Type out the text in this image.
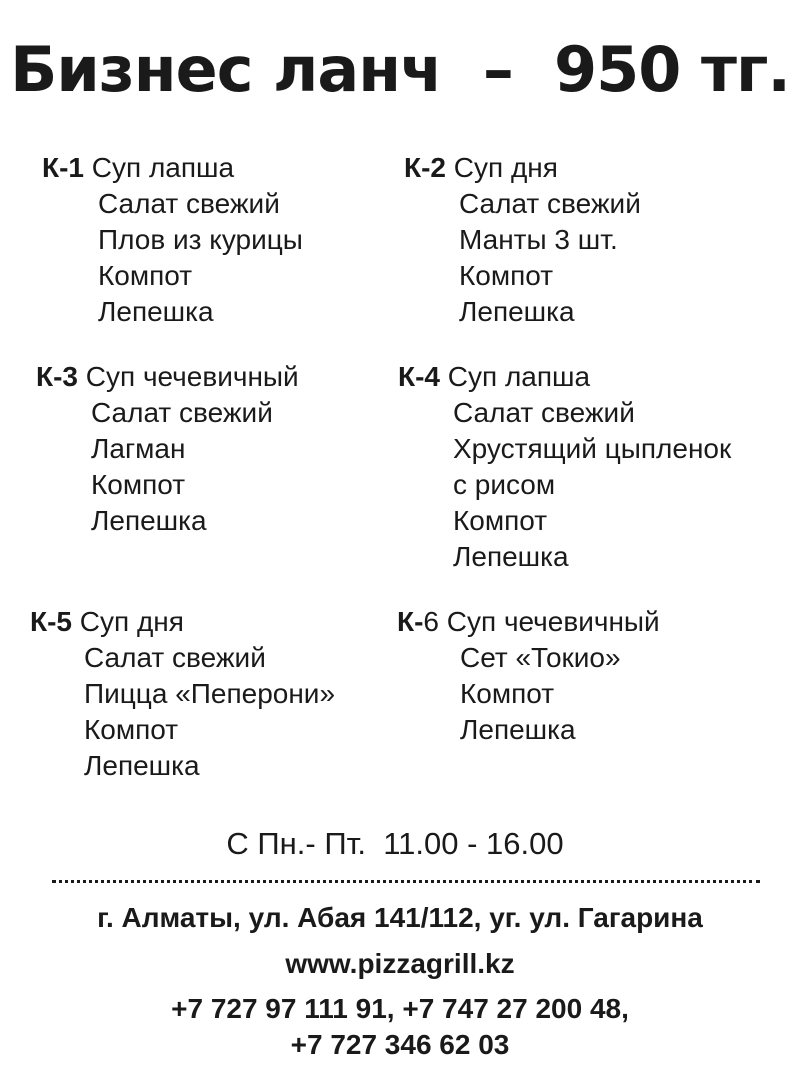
Бизнес ланч  –  950 тг.
К-1 Суп лапша
Салат свежий
Плов из курицы
Компот
Лепешка
К-2 Суп дня
Салат свежий
Манты 3 шт.
Компот
Лепешка
К-3 Суп чечевичный
Салат свежий
Лагман
Компот
Лепешка
К-4 Суп лапша
Салат свежий
Хрустящий цыпленок
с рисом
Компот
Лепешка
К-5 Суп дня
Салат свежий
Пицца «Пеперони»
Компот
Лепешка
К-6 Суп чечевичный
Сет «Токио»
Компот
Лепешка
С Пн.- Пт.  11.00 - 16.00
г. Алматы, ул. Абая 141/112, уг. ул. Гагарина
www.pizzagrill.kz
+7 727 97 111 91, +7 747 27 200 48,
+7 727 346 62 03
